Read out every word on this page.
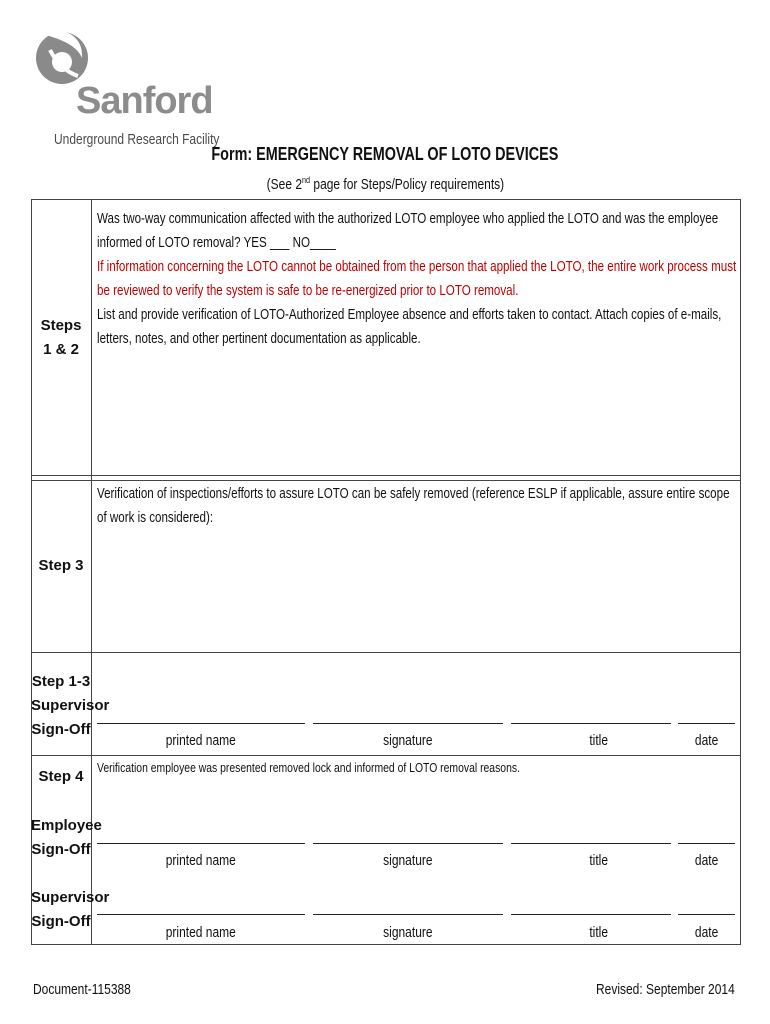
Sanford
Underground Research Facility
Form: EMERGENCY REMOVAL OF LOTO DEVICES
(See 2nd page for Steps/Policy requirements)
Steps
1 & 2
Was two-way communication affected with the authorized LOTO employee who applied the LOTO and was the employee informed of LOTO removal? YES ___ NO____
If information concerning the LOTO cannot be obtained from the person that applied the LOTO, the entire work process must be reviewed to verify the system is safe to be re-energized prior to LOTO removal.
List and provide verification of LOTO-Authorized Employee absence and efforts taken to contact. Attach copies of e-mails, letters, notes, and other pertinent documentation as applicable.
Step 3
Verification of inspections/efforts to assure LOTO can be safely removed (reference ESLP if applicable, assure entire scope of work is considered):
Step 1-3
Supervisor
Sign-Off
printed name	signature	title	date
Step 4
Verification employee was presented removed lock and informed of LOTO removal reasons.
Employee
Sign-Off
printed name	signature	title	date
Supervisor
Sign-Off
printed name	signature	title	date
Document-115388	Revised: September 2014
